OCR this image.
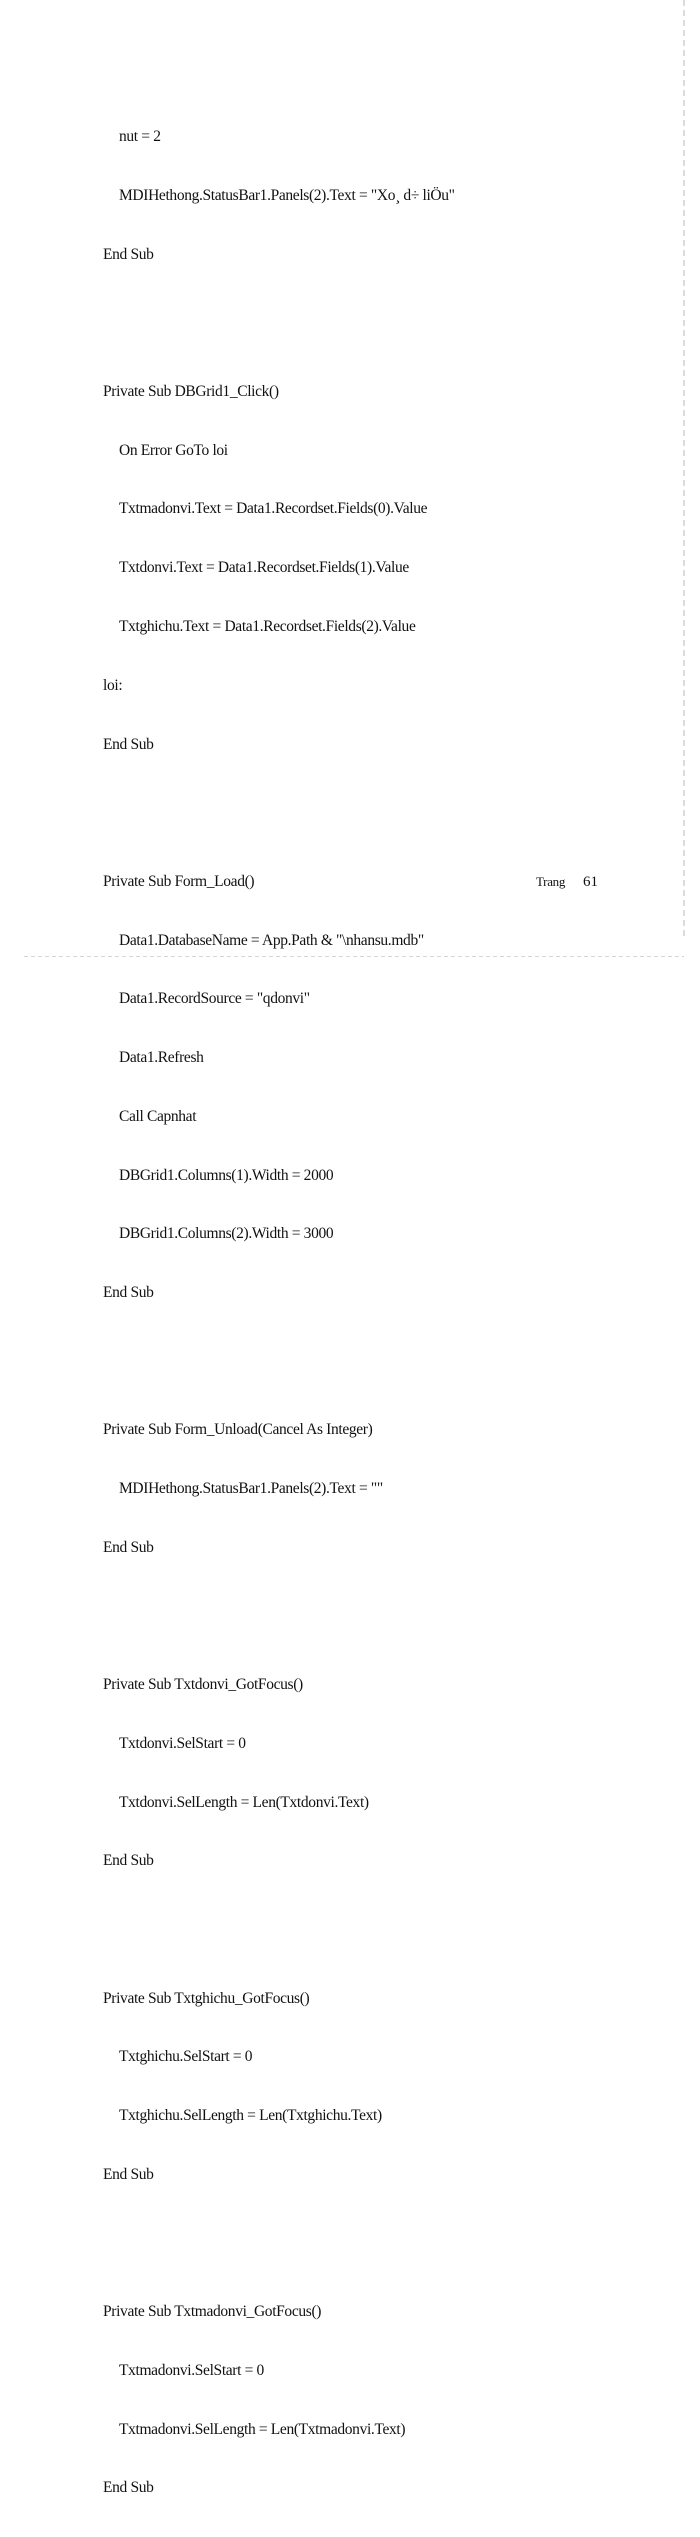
nut = 2

MDIHethong.StatusBar1.Panels(2).Text = "Xo¸ d÷ liÖu"

End Sub

Private Sub DBGrid1_Click()

On Error GoTo loi

Txtmadonvi.Text = Data1.Recordset.Fields(0).Value

Txtdonvi.Text = Data1.Recordset.Fields(1).Value

Txtghichu.Text = Data1.Recordset.Fields(2).Value

loi:

End Sub

Private Sub Form_Load()

Data1.DatabaseName = App.Path & "\nhansu.mdb"

Data1.RecordSource = "qdonvi"

Data1.Refresh

Call Capnhat

DBGrid1.Columns(1).Width = 2000

DBGrid1.Columns(2).Width = 3000

End Sub

Private Sub Form_Unload(Cancel As Integer)

MDIHethong.StatusBar1.Panels(2).Text = ""

End Sub

Private Sub Txtdonvi_GotFocus()

Txtdonvi.SelStart = 0

Txtdonvi.SelLength = Len(Txtdonvi.Text)

End Sub

Private Sub Txtghichu_GotFocus()

Txtghichu.SelStart = 0

Txtghichu.SelLength = Len(Txtghichu.Text)

End Sub

Private Sub Txtmadonvi_GotFocus()

Txtmadonvi.SelStart = 0

Txtmadonvi.SelLength = Len(Txtmadonvi.Text)

End Sub

Trang 61
